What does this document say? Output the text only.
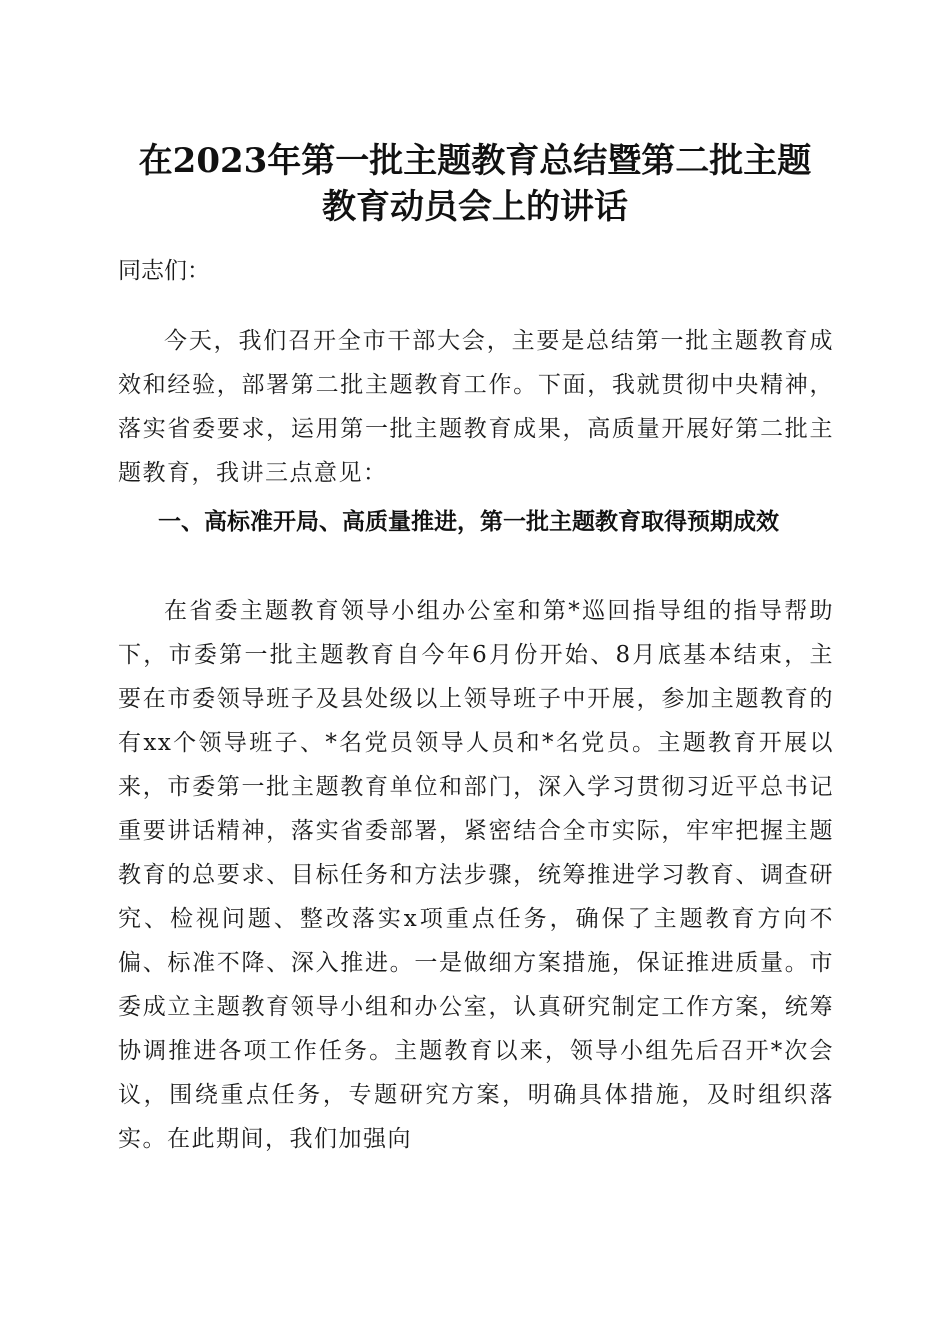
在2023年第一批主题教育总结暨第二批主题
教育动员会上的讲话
同志们：
今天，我们召开全市干部大会，主要是总结第一批主题教育成效和经验，部署第二批主题教育工作。下面，我就贯彻中央精神，落实省委要求，运用第一批主题教育成果，高质量开展好第二批主题教育，我讲三点意见：
一、高标准开局、高质量推进，第一批主题教育取得预期成效
在省委主题教育领导小组办公室和第*巡回指导组的指导帮助下，市委第一批主题教育自今年6月份开始、8月底基本结束，主要在市委领导班子及县处级以上领导班子中开展，参加主题教育的有xx个领导班子、*名党员领导人员和*名党员。主题教育开展以来，市委第一批主题教育单位和部门，深入学习贯彻习近平总书记重要讲话精神，落实省委部署，紧密结合全市实际，牢牢把握主题教育的总要求、目标任务和方法步骤，统筹推进学习教育、调查研究、检视问题、整改落实x项重点任务，确保了主题教育方向不偏、标准不降、深入推进。一是做细方案措施，保证推进质量。市委成立主题教育领导小组和办公室，认真研究制定工作方案，统筹协调推进各项工作任务。主题教育以来，领导小组先后召开*次会议，围绕重点任务，专题研究方案，明确具体措施，及时组织落实。在此期间，我们加强向
